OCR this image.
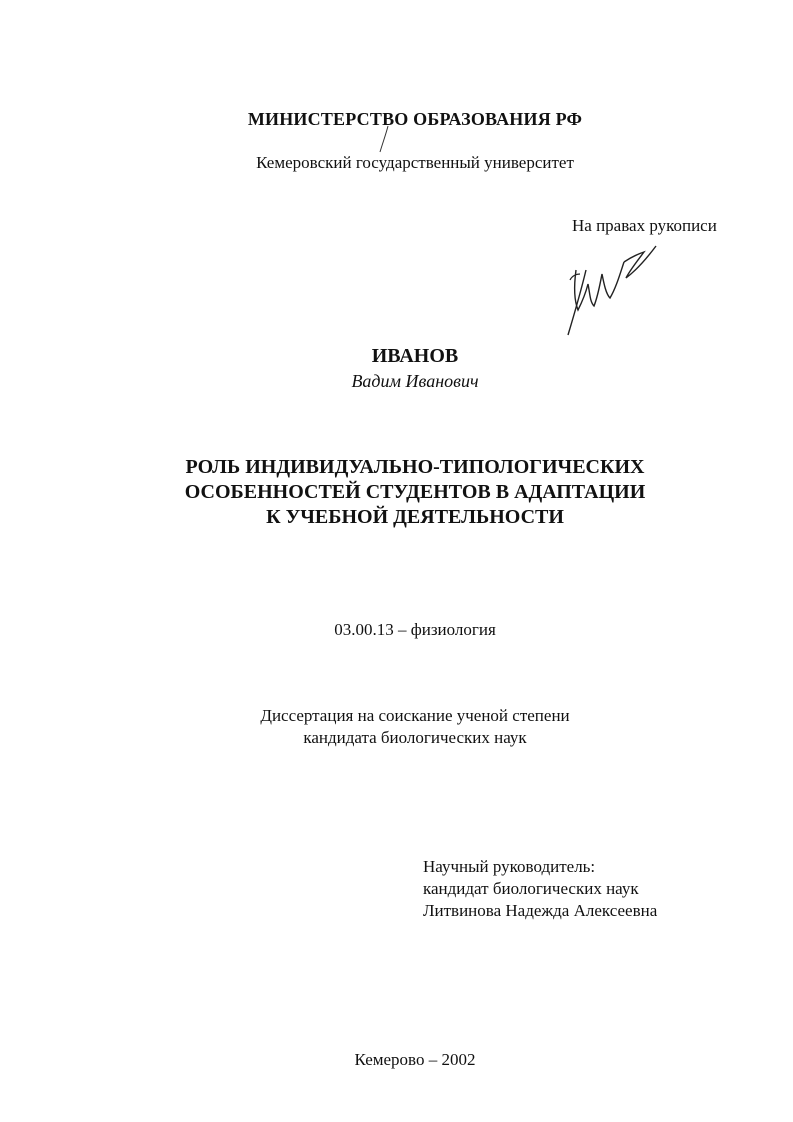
МИНИСТЕРСТВО ОБРАЗОВАНИЯ РФ

Кемеровский государственный университет

На правах рукописи

ИВАНОВ

Вадим Иванович

РОЛЬ ИНДИВИДУАЛЬНО-ТИПОЛОГИЧЕСКИХ
ОСОБЕННОСТЕЙ СТУДЕНТОВ В АДАПТАЦИИ
К УЧЕБНОЙ ДЕЯТЕЛЬНОСТИ

03.00.13 – физиология

Диссертация на соискание ученой степени
кандидата биологических наук
Научный руководитель:
кандидат биологических наук
Литвинова Надежда Алексеевна

Кемерово – 2002
